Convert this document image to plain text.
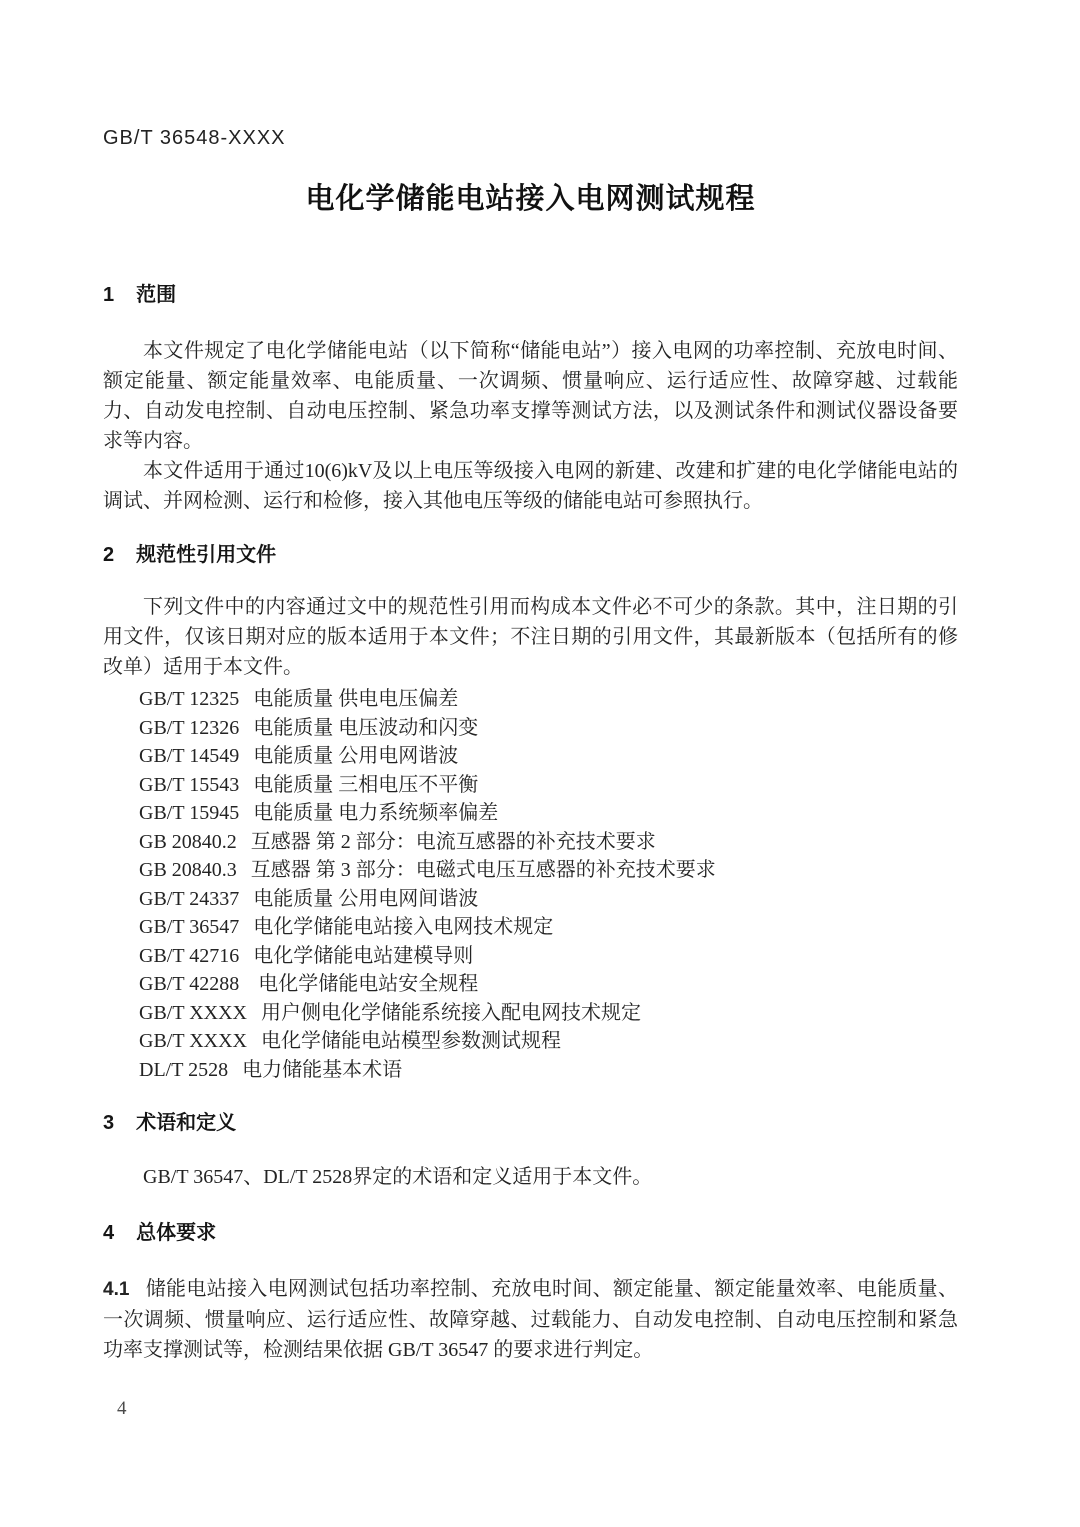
GB/T 36548-XXXX
电化学储能电站接入电网测试规程
1 范围

本文件规定了电化学储能电站（以下简称“储能电站”）接入电网的功率控制、充放电时间、额定能量、额定能量效率、电能质量、一次调频、惯量响应、运行适应性、故障穿越、过载能力、自动发电控制、自动电压控制、紧急功率支撑等测试方法，以及测试条件和测试仪器设备要求等内容。

本文件适用于通过10(6)kV及以上电压等级接入电网的新建、改建和扩建的电化学储能电站的调试、并网检测、运行和检修，接入其他电压等级的储能电站可参照执行。

2 规范性引用文件

下列文件中的内容通过文中的规范性引用而构成本文件必不可少的条款。其中，注日期的引用文件，仅该日期对应的版本适用于本文件；不注日期的引用文件，其最新版本（包括所有的修改单）适用于本文件。

GB/T 12325 电能质量 供电电压偏差
GB/T 12326 电能质量 电压波动和闪变
GB/T 14549 电能质量 公用电网谐波
GB/T 15543 电能质量 三相电压不平衡
GB/T 15945 电能质量 电力系统频率偏差
GB 20840.2 互感器 第 2 部分：电流互感器的补充技术要求
GB 20840.3 互感器 第 3 部分：电磁式电压互感器的补充技术要求
GB/T 24337 电能质量 公用电网间谐波
GB/T 36547 电化学储能电站接入电网技术规定
GB/T 42716 电化学储能电站建模导则
GB/T 42288 电化学储能电站安全规程
GB/T XXXX 用户侧电化学储能系统接入配电网技术规定
GB/T XXXX 电化学储能电站模型参数测试规程
DL/T 2528 电力储能基本术语
3 术语和定义

GB/T 36547、DL/T 2528界定的术语和定义适用于本文件。

4 总体要求

4.1 储能电站接入电网测试包括功率控制、充放电时间、额定能量、额定能量效率、电能质量、一次调频、惯量响应、运行适应性、故障穿越、过载能力、自动发电控制、自动电压控制和紧急功率支撑测试等，检测结果依据 GB/T 36547 的要求进行判定。

4
